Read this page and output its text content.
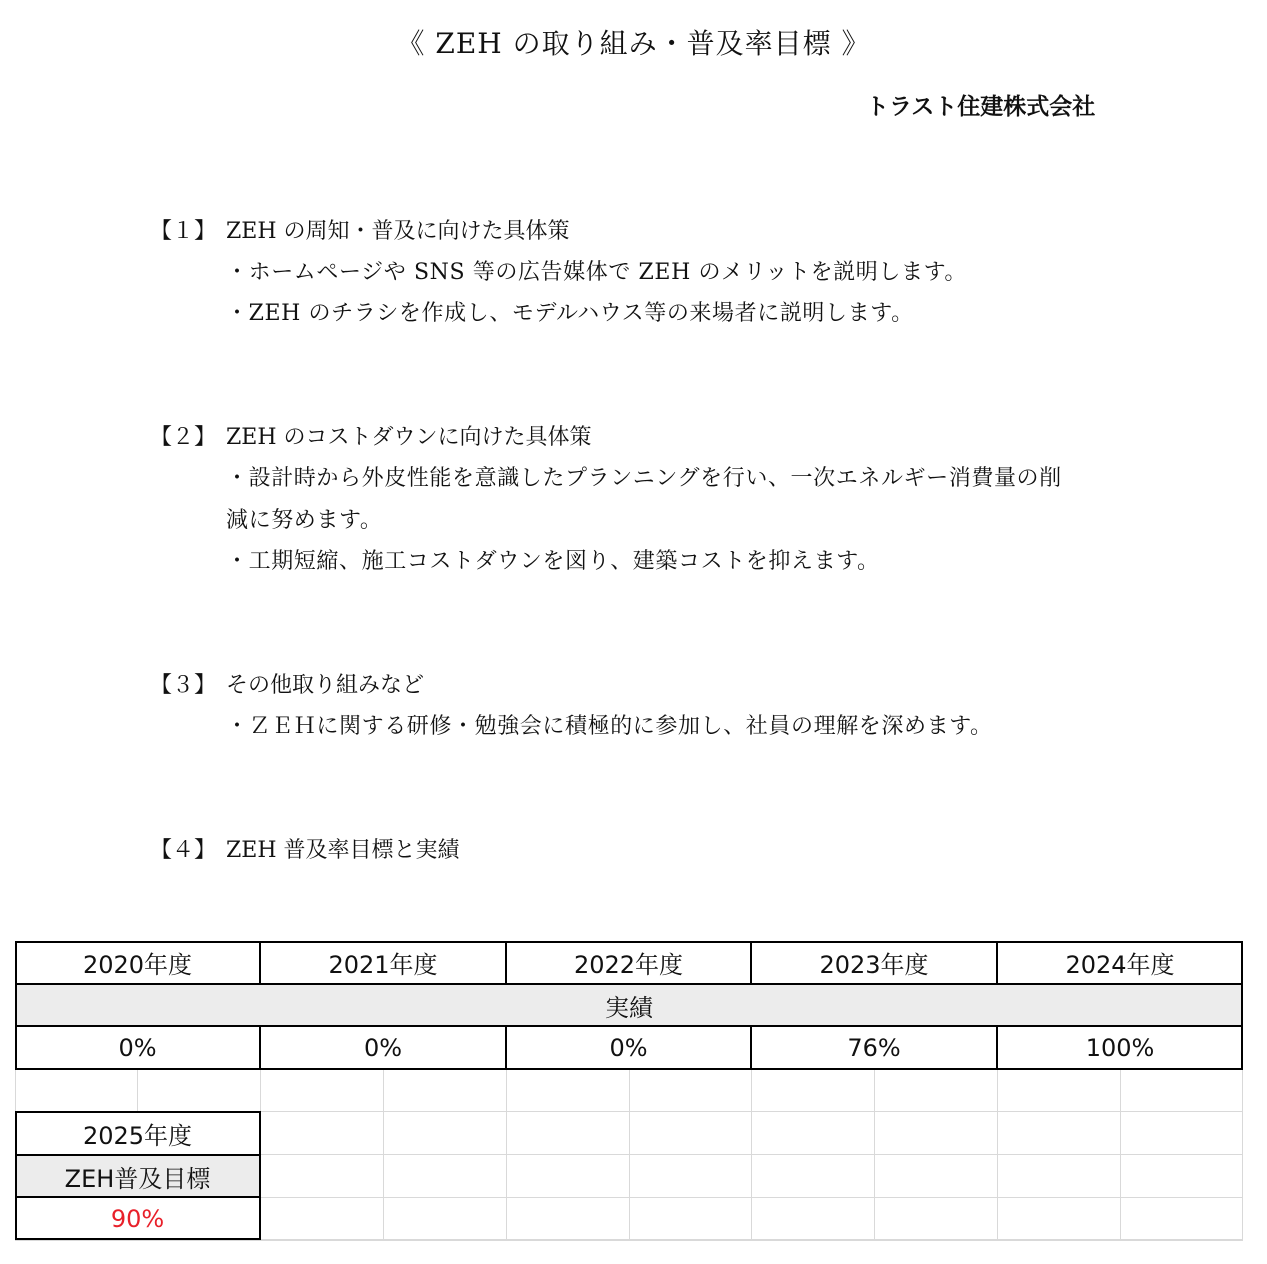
《 ZEH の取り組み・普及率目標 》
トラスト住建株式会社
【１】 ZEH の周知・普及に向けた具体策
・ホームページや SNS 等の広告媒体で ZEH のメリットを説明します。
・ZEH のチラシを作成し、モデルハウス等の来場者に説明します。
【２】 ZEH のコストダウンに向けた具体策
・設計時から外皮性能を意識したプランニングを行い、一次エネルギー消費量の削
減に努めます。
・工期短縮、施工コストダウンを図り、建築コストを抑えます。
【３】 その他取り組みなど
・ＺＥＨに関する研修・勉強会に積極的に参加し、社員の理解を深めます。
【４】 ZEH 普及率目標と実績
実績
2020年度	2021年度	2022年度	2023年度	2024年度
0%	0%	0%	76%	100%
2025年度
ZEH普及目標
90%
